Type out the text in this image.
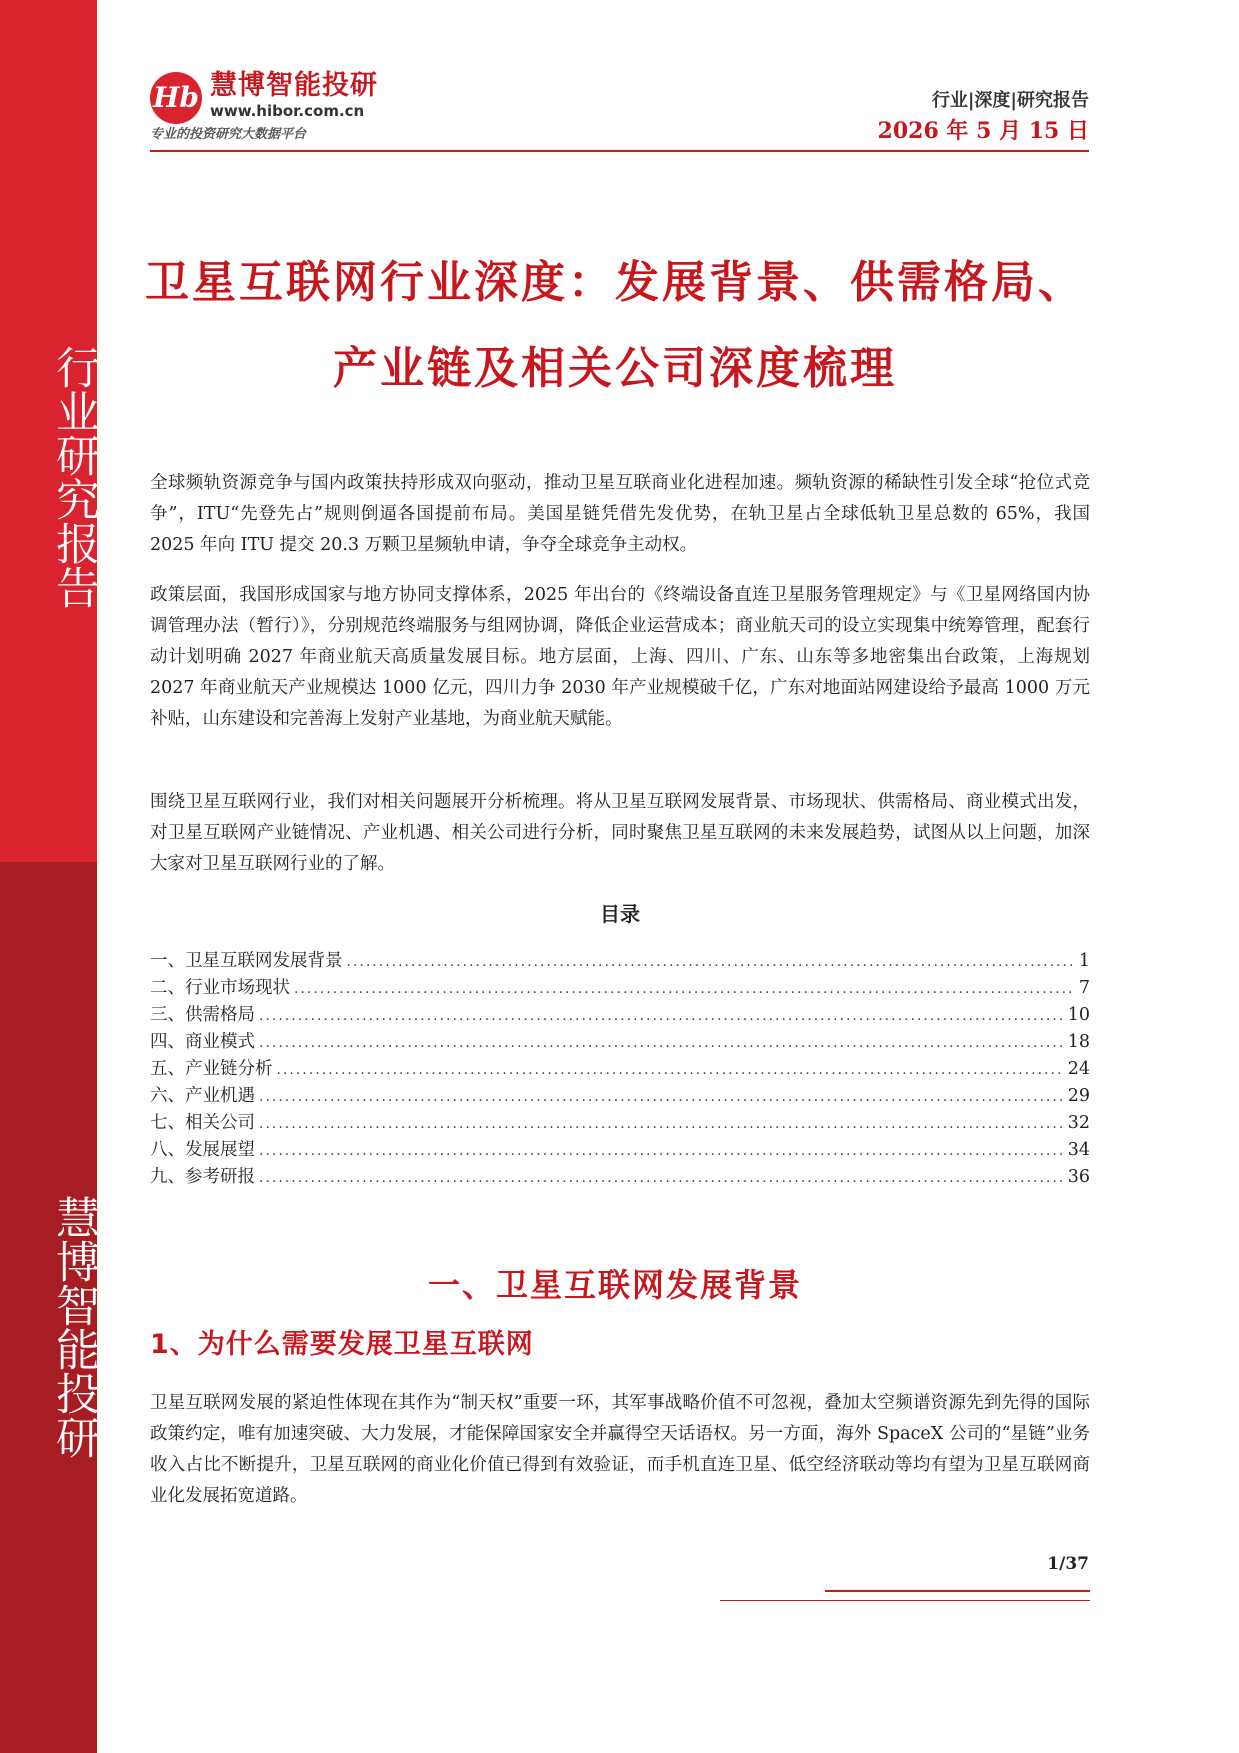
行业研究报告
慧博智能投研
Hb 慧博智能投研
www.hibor.com.cn
专业的投资研究大数据平台
行业|深度|研究报告
2026 年 5 月 15 日
卫星互联网行业深度：发展背景、供需格局、
产业链及相关公司深度梳理
全球频轨资源竞争与国内政策扶持形成双向驱动，推动卫星互联商业化进程加速。频轨资源的稀缺性引发全球“抢位式竞争”，ITU“先登先占”规则倒逼各国提前布局。美国星链凭借先发优势，在轨卫星占全球低轨卫星总数的 65%，我国 2025 年向 ITU 提交 20.3 万颗卫星频轨申请，争夺全球竞争主动权。
政策层面，我国形成国家与地方协同支撑体系，2025 年出台的《终端设备直连卫星服务管理规定》与《卫星网络国内协调管理办法（暂行）》，分别规范终端服务与组网协调，降低企业运营成本；商业航天司的设立实现集中统筹管理，配套行动计划明确 2027 年商业航天高质量发展目标。地方层面，上海、四川、广东、山东等多地密集出台政策，上海规划 2027 年商业航天产业规模达 1000 亿元，四川力争 2030 年产业规模破千亿，广东对地面站网建设给予最高 1000 万元补贴，山东建设和完善海上发射产业基地，为商业航天赋能。
围绕卫星互联网行业，我们对相关问题展开分析梳理。将从卫星互联网发展背景、市场现状、供需格局、商业模式出发，对卫星互联网产业链情况、产业机遇、相关公司进行分析，同时聚焦卫星互联网的未来发展趋势，试图从以上问题，加深大家对卫星互联网行业的了解。
目录
一、卫星互联网发展背景 .....	1
二、行业市场现状 .....	7
三、供需格局 .....	10
四、商业模式 .....	18
五、产业链分析 .....	24
六、产业机遇 .....	29
七、相关公司 .....	32
八、发展展望 .....	34
九、参考研报 .....	36
一、卫星互联网发展背景
1、为什么需要发展卫星互联网
卫星互联网发展的紧迫性体现在其作为“制天权”重要一环，其军事战略价值不可忽视，叠加太空频谱资源先到先得的国际政策约定，唯有加速突破、大力发展，才能保障国家安全并赢得空天话语权。另一方面，海外 SpaceX 公司的“星链”业务收入占比不断提升，卫星互联网的商业化价值已得到有效验证，而手机直连卫星、低空经济联动等均有望为卫星互联网商业化发展拓宽道路。
1/37
